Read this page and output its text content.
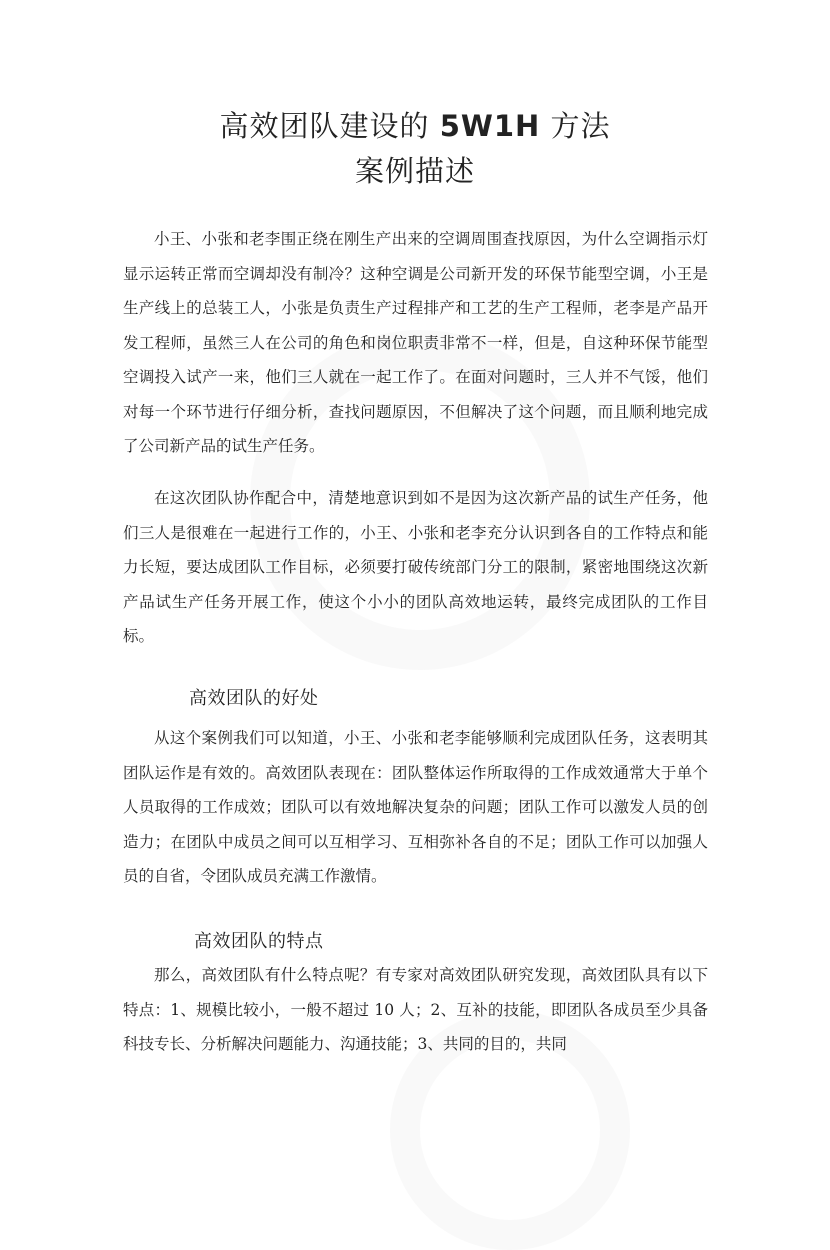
高效团队建设的 5W1H 方法
案例描述

小王、小张和老李围正绕在刚生产出来的空调周围查找原因，为什么空调指示灯显示运转正常而空调却没有制冷？这种空调是公司新开发的环保节能型空调，小王是生产线上的总装工人，小张是负责生产过程排产和工艺的生产工程师，老李是产品开发工程师，虽然三人在公司的角色和岗位职责非常不一样，但是，自这种环保节能型空调投入试产一来，他们三人就在一起工作了。在面对问题时，三人并不气馁，他们对每一个环节进行仔细分析，查找问题原因，不但解决了这个问题，而且顺利地完成了公司新产品的试生产任务。

在这次团队协作配合中，清楚地意识到如不是因为这次新产品的试生产任务，他们三人是很难在一起进行工作的，小王、小张和老李充分认识到各自的工作特点和能力长短，要达成团队工作目标，必须要打破传统部门分工的限制，紧密地围绕这次新产品试生产任务开展工作，使这个小小的团队高效地运转，最终完成团队的工作目标。

高效团队的好处

从这个案例我们可以知道，小王、小张和老李能够顺利完成团队任务，这表明其团队运作是有效的。高效团队表现在：团队整体运作所取得的工作成效通常大于单个人员取得的工作成效；团队可以有效地解决复杂的问题；团队工作可以激发人员的创造力；在团队中成员之间可以互相学习、互相弥补各自的不足；团队工作可以加强人员的自省，令团队成员充满工作激情。

高效团队的特点

那么，高效团队有什么特点呢？有专家对高效团队研究发现，高效团队具有以下特点：1、规模比较小，一般不超过 10 人；2、互补的技能，即团队各成员至少具备科技专长、分析解决问题能力、沟通技能；3、共同的目的，共同
